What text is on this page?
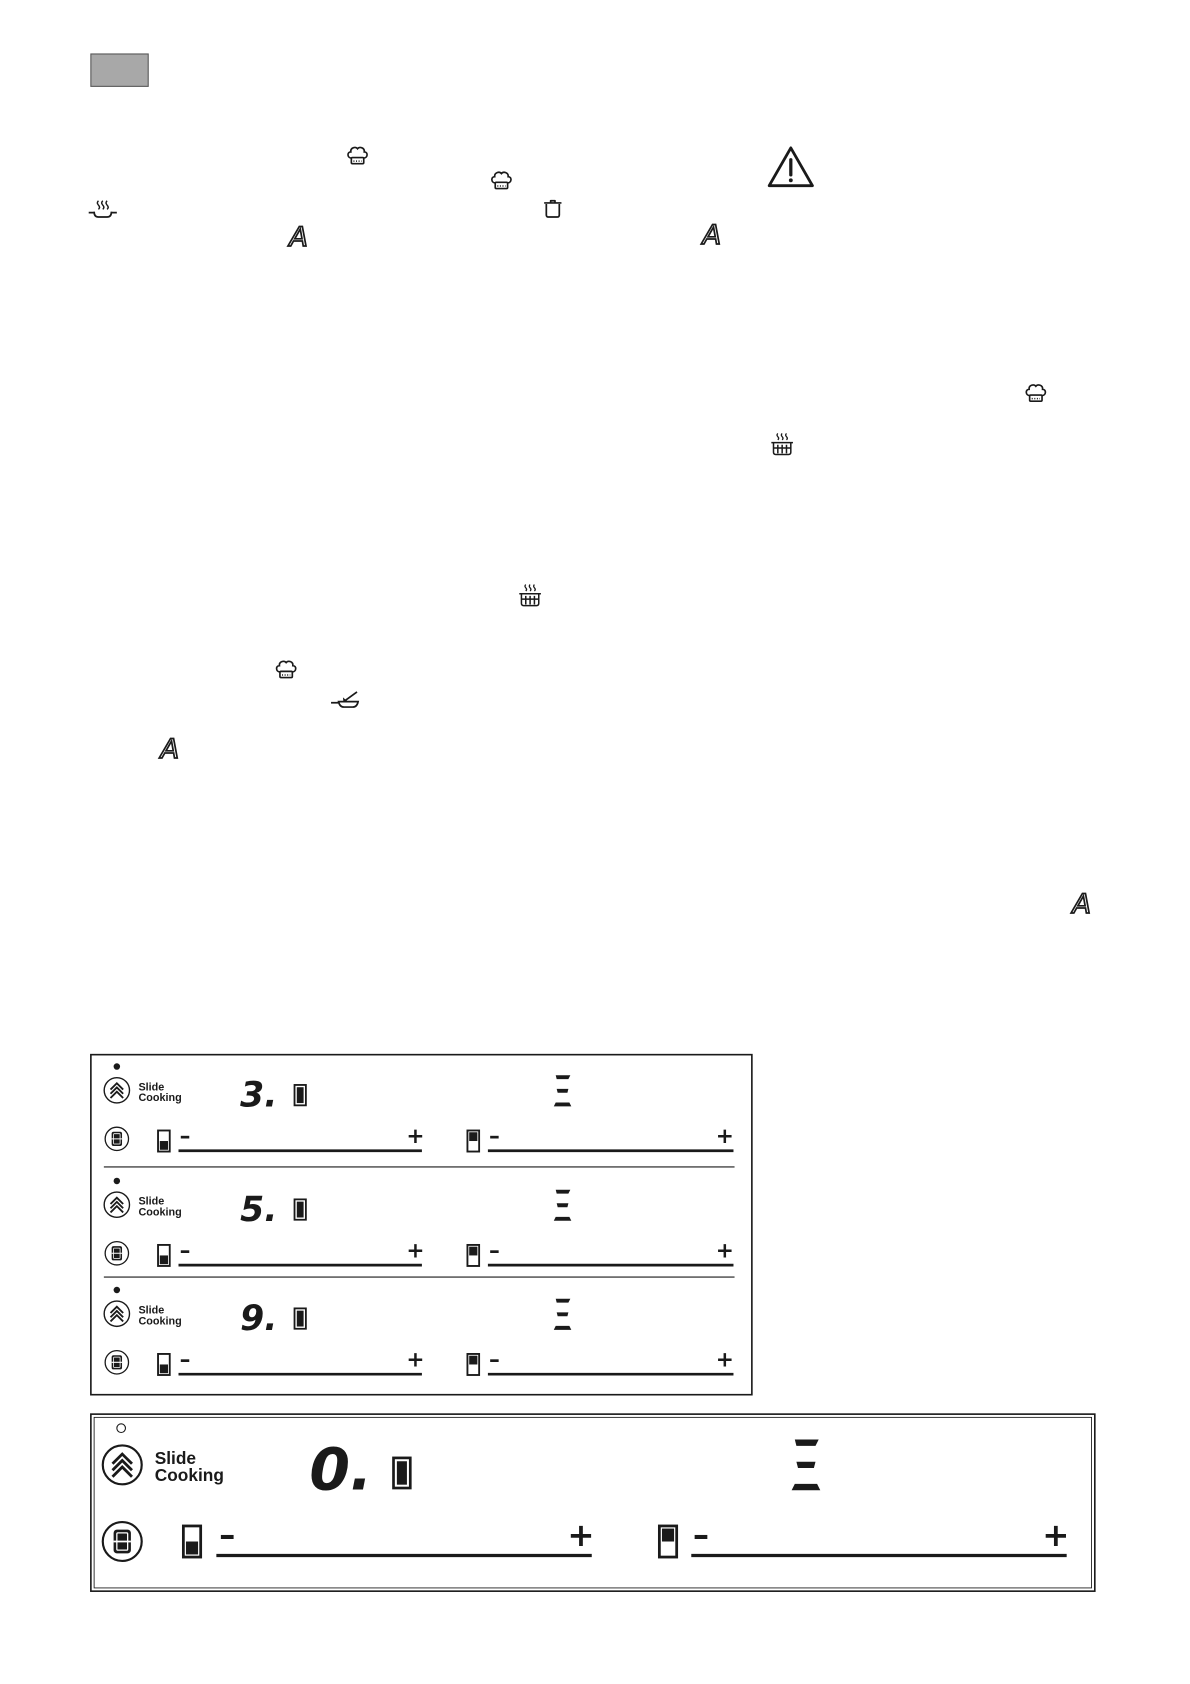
A	A
A
A
Slide
Cooking 3.
–	+	–	+
Slide
Cooking 5.
–	+	–	+
Slide
Cooking 9.
–	+	–	+
Slide
Cooking 0.
–	+	–	+
